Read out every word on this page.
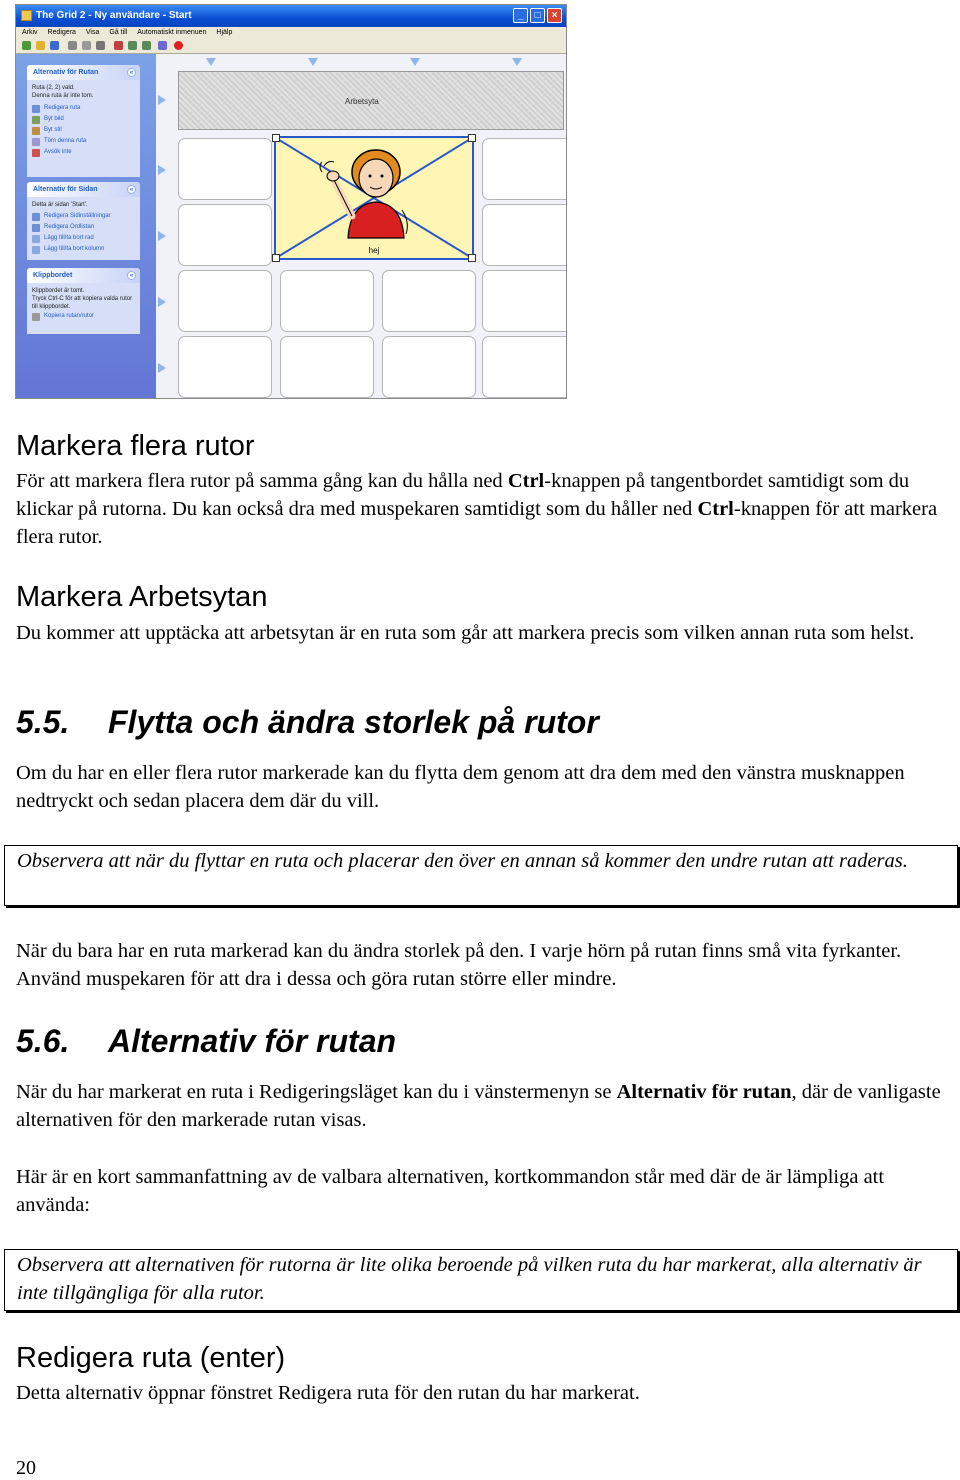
The Grid 2 - Ny användare - Start	_	□	×
Arkiv Redigera Visa Gå till Automatiskt inmenuen Hjälp
Alternativ för Rutan	«
Ruta (2, 2) vald.
Denna ruta är inte tom.
Redigera ruta
Byt bild
Byt stil
Töm denna ruta
Avsök inte
Alternativ för Sidan	«
Detta är sidan 'Start'.
Redigera Sidinställningar
Redigera Ordlistan
Lägg till/ta bort rad
Lägg till/ta bort kolumn
Klippbordet	«
Klippbordet är tomt.
Tryck Ctrl-C för att kopiera valda rutor till klippbordet.
Kopiera rutan/rutor
Arbetsyta
hej
Markera flera rutor

För att markera flera rutor på samma gång kan du hålla ned Ctrl-knappen på tangentbordet samtidigt som du klickar på rutorna. Du kan också dra med muspekaren samtidigt som du håller ned Ctrl-knappen för att markera flera rutor.

Markera Arbetsytan

Du kommer att upptäcka att arbetsytan är en ruta som går att markera precis som vilken annan ruta som helst.

5.5. Flytta och ändra storlek på rutor

Om du har en eller flera rutor markerade kan du flytta dem genom att dra dem med den vänstra musknappen nedtryckt och sedan placera dem där du vill.

Observera att när du flyttar en ruta och placerar den över en annan så kommer den undre rutan att raderas.

När du bara har en ruta markerad kan du ändra storlek på den. I varje hörn på rutan finns små vita fyrkanter. Använd muspekaren för att dra i dessa och göra rutan större eller mindre.

5.6. Alternativ för rutan

När du har markerat en ruta i Redigeringsläget kan du i vänstermenyn se Alternativ för rutan, där de vanligaste alternativen för den markerade rutan visas.

Här är en kort sammanfattning av de valbara alternativen, kortkommandon står med där de är lämpliga att använda:

Observera att alternativen för rutorna är lite olika beroende på vilken ruta du har markerat, alla alternativ är inte tillgängliga för alla rutor.
Redigera ruta (enter)

Detta alternativ öppnar fönstret Redigera ruta för den rutan du har markerat.

20
